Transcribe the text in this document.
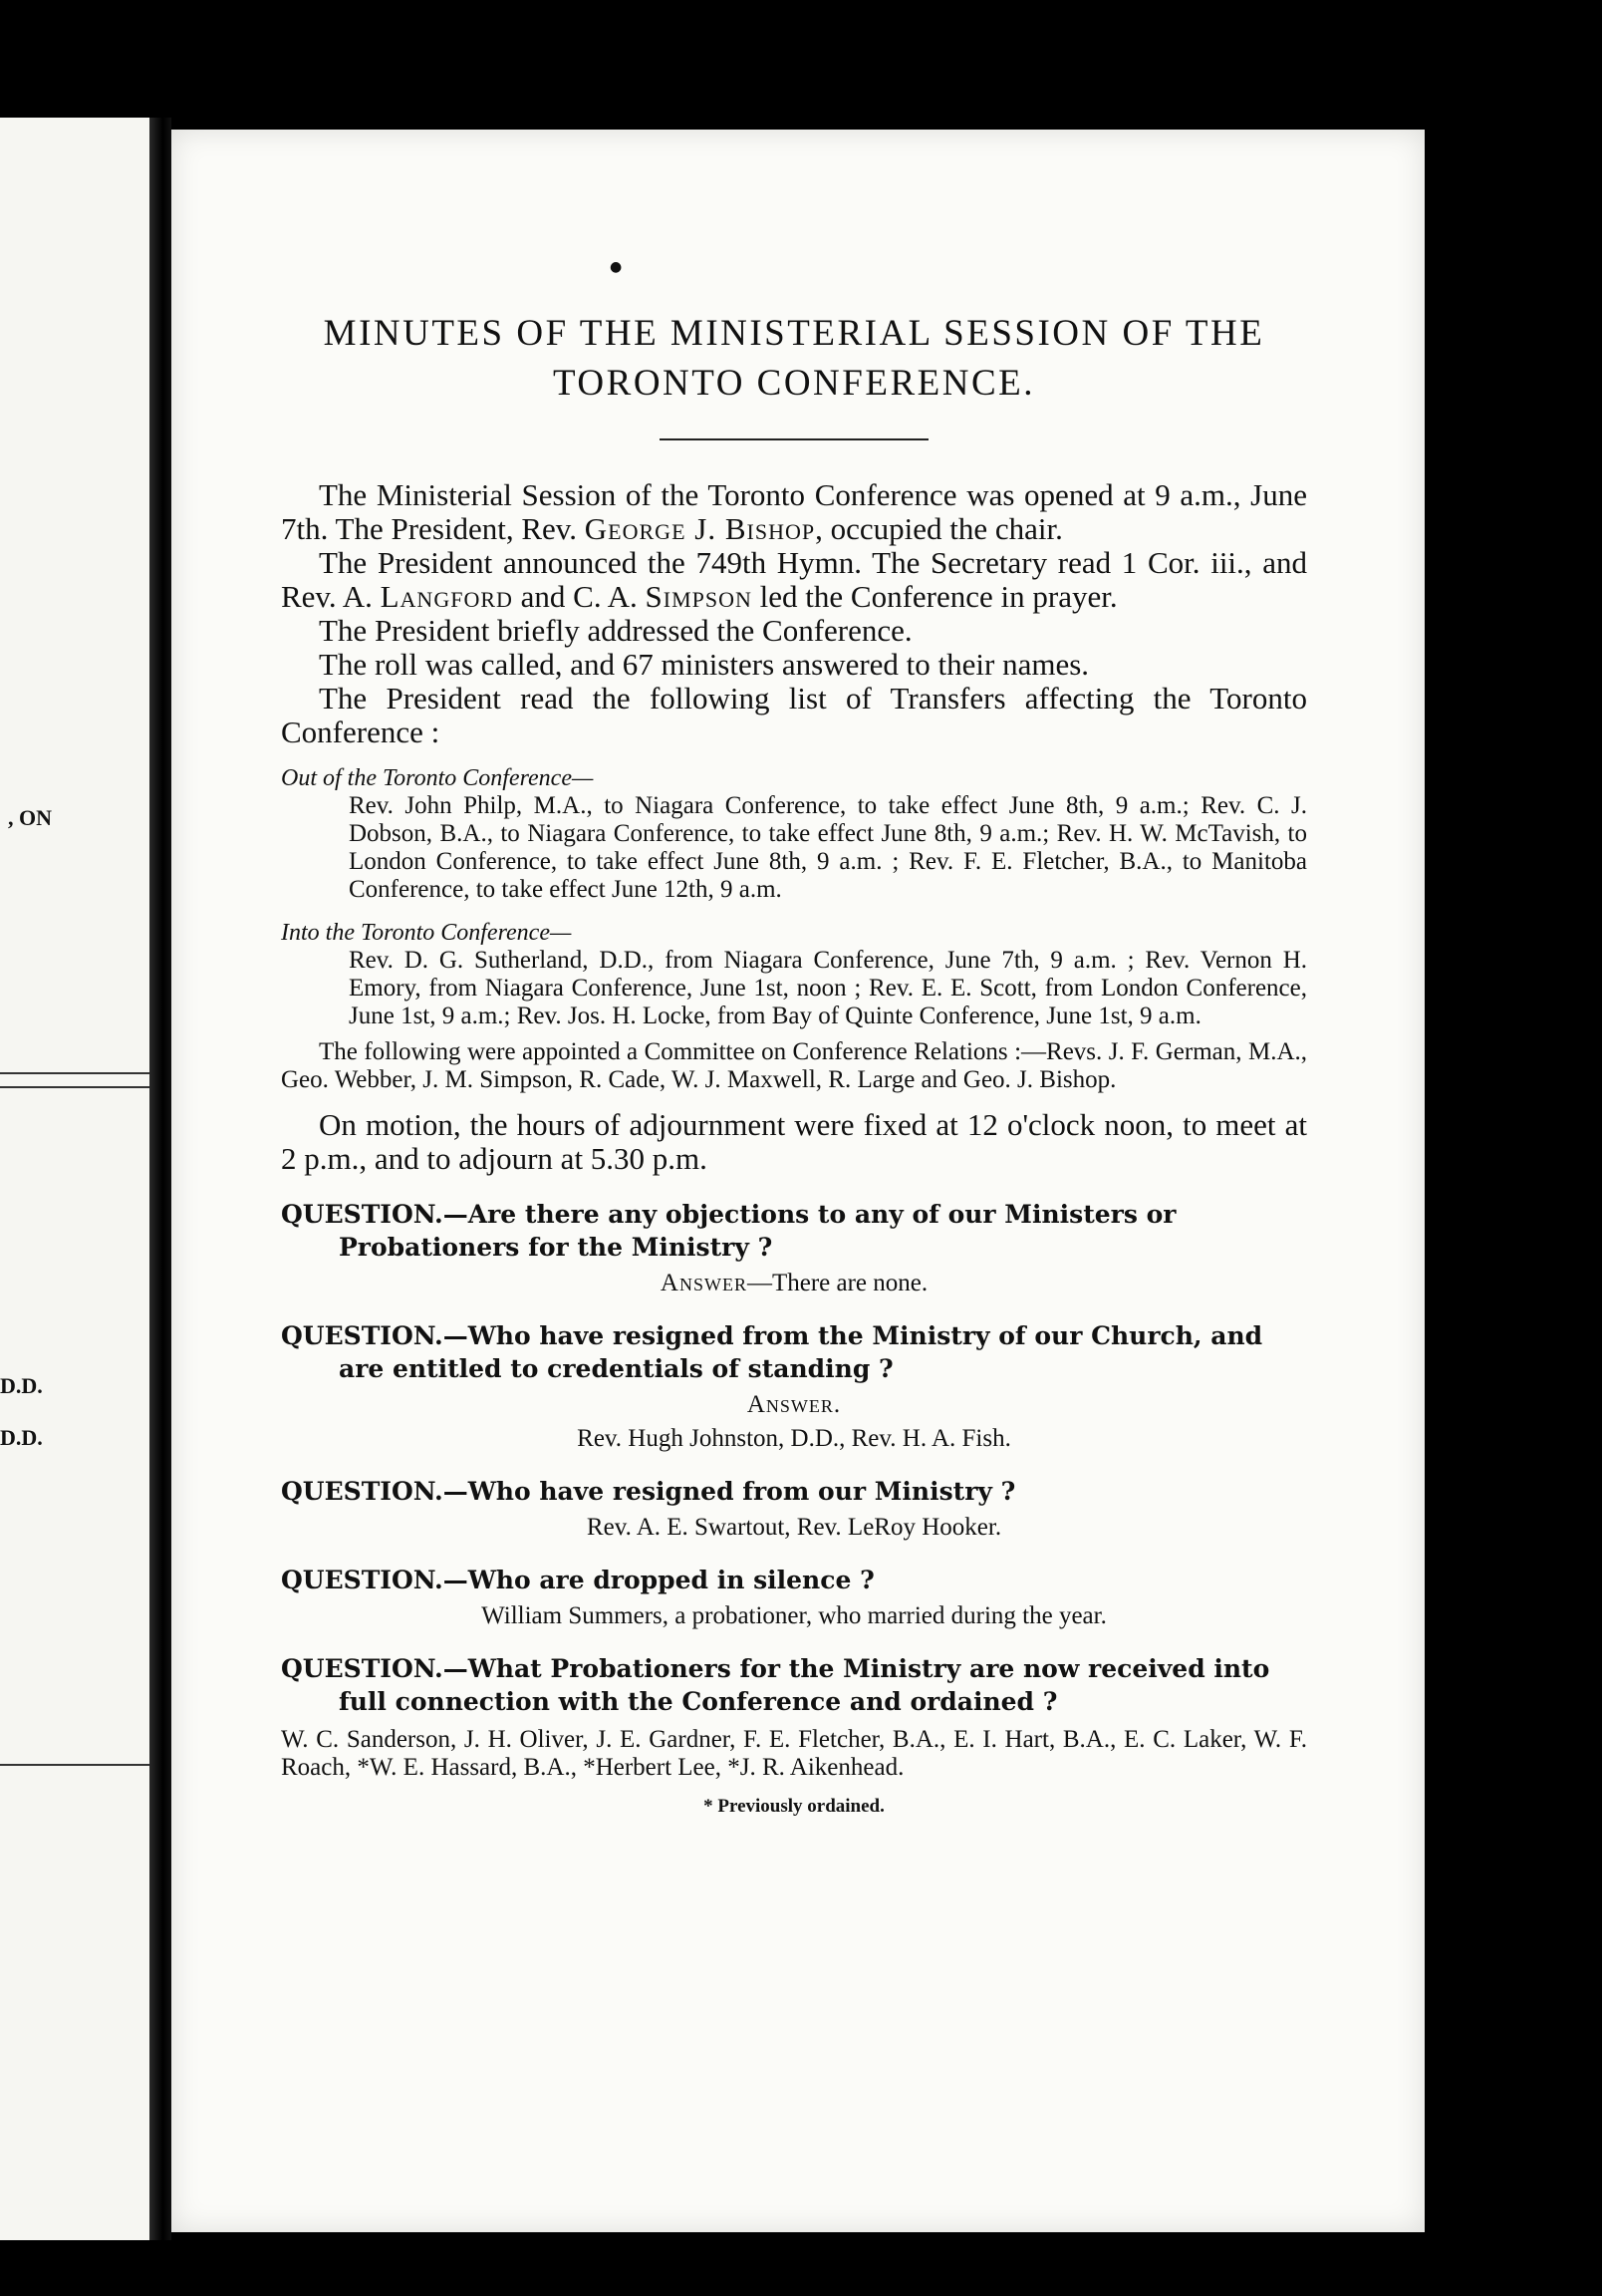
, ON
D.D.
D.D.
●
MINUTES OF THE MINISTERIAL SESSION OF THE
TORONTO CONFERENCE.

The Ministerial Session of the Toronto Conference was opened at 9 a.m., June 7th. The President, Rev. George J. Bishop, occupied the chair.

The President announced the 749th Hymn. The Secretary read 1 Cor. iii., and Rev. A. Langford and C. A. Simpson led the Conference in prayer.

The President briefly addressed the Conference.

The roll was called, and 67 ministers answered to their names.

The President read the following list of Transfers affecting the Toronto Conference :

Out of the Toronto Conference—

Rev. John Philp, M.A., to Niagara Conference, to take effect June 8th, 9 a.m.; Rev. C. J. Dobson, B.A., to Niagara Conference, to take effect June 8th, 9 a.m.; Rev. H. W. McTavish, to London Conference, to take effect June 8th, 9 a.m. ; Rev. F. E. Fletcher, B.A., to Manitoba Conference, to take effect June 12th, 9 a.m.

Into the Toronto Conference—

Rev. D. G. Sutherland, D.D., from Niagara Conference, June 7th, 9 a.m. ; Rev. Vernon H. Emory, from Niagara Conference, June 1st, noon ; Rev. E. E. Scott, from London Conference, June 1st, 9 a.m.; Rev. Jos. H. Locke, from Bay of Quinte Conference, June 1st, 9 a.m.

The following were appointed a Committee on Conference Relations :—Revs. J. F. German, M.A., Geo. Webber, J. M. Simpson, R. Cade, W. J. Maxwell, R. Large and Geo. J. Bishop.

On motion, the hours of adjournment were fixed at 12 o'clock noon, to meet at 2 p.m., and to adjourn at 5.30 p.m.

QUESTION.—Are there any objections to any of our Ministers or Probationers for the Ministry ?

Answer—There are none.

QUESTION.—Who have resigned from the Ministry of our Church, and are entitled to credentials of standing ?

Answer.

Rev. Hugh Johnston, D.D., Rev. H. A. Fish.

QUESTION.—Who have resigned from our Ministry ?

Rev. A. E. Swartout, Rev. LeRoy Hooker.

QUESTION.—Who are dropped in silence ?

William Summers, a probationer, who married during the year.

QUESTION.—What Probationers for the Ministry are now received into full connection with the Conference and ordained ?

W. C. Sanderson, J. H. Oliver, J. E. Gardner, F. E. Fletcher, B.A., E. I. Hart, B.A., E. C. Laker, W. F. Roach, *W. E. Hassard, B.A., *Herbert Lee, *J. R. Aikenhead.

* Previously ordained.
